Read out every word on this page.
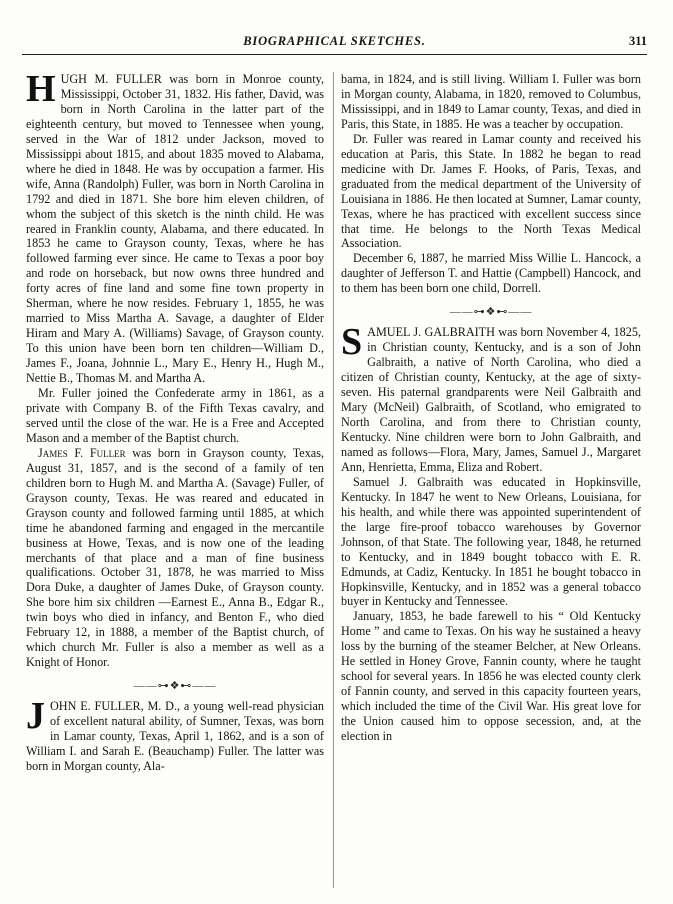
BIOGRAPHICAL SKETCHES.	311

HUGH M. FULLER was born in Monroe county, Mississippi, October 31, 1832. His father, David, was born in North Carolina in the latter part of the eighteenth century, but moved to Tennessee when young, served in the War of 1812 under Jackson, moved to Mississippi about 1815, and about 1835 moved to Alabama, where he died in 1848. He was by occupation a farmer. His wife, Anna (Randolph) Fuller, was born in North Carolina in 1792 and died in 1871. She bore him eleven children, of whom the subject of this sketch is the ninth child. He was reared in Franklin county, Alabama, and there educated. In 1853 he came to Grayson county, Texas, where he has followed farming ever since. He came to Texas a poor boy and rode on horseback, but now owns three hundred and forty acres of fine land and some fine town property in Sherman, where he now resides. February 1, 1855, he was married to Miss Martha A. Savage, a daughter of Elder Hiram and Mary A. (Williams) Savage, of Grayson county. To this union have been born ten children—William D., James F., Joana, Johnnie L., Mary E., Henry H., Hugh M., Nettie B., Thomas M. and Martha A.

Mr. Fuller joined the Confederate army in 1861, as a private with Company B. of the Fifth Texas cavalry, and served until the close of the war. He is a Free and Accepted Mason and a member of the Baptist church.

James F. Fuller was born in Grayson county, Texas, August 31, 1857, and is the second of a family of ten children born to Hugh M. and Martha A. (Savage) Fuller, of Grayson county, Texas. He was reared and educated in Grayson county and followed farming until 1885, at which time he abandoned farming and engaged in the mercantile business at Howe, Texas, and is now one of the leading merchants of that place and a man of fine business qualifications. October 31, 1878, he was married to Miss Dora Duke, a daughter of James Duke, of Grayson county. She bore him six children —Earnest E., Anna B., Edgar R., twin boys who died in infancy, and Benton F., who died February 12, in 1888, a member of the Baptist church, of which church Mr. Fuller is also a member as well as a Knight of Honor.

——⊶❖⊷——

JOHN E. FULLER, M. D., a young well-read physician of excellent natural ability, of Sumner, Texas, was born in Lamar county, Texas, April 1, 1862, and is a son of William I. and Sarah E. (Beauchamp) Fuller. The latter was born in Morgan county, Ala-

bama, in 1824, and is still living. William I. Fuller was born in Morgan county, Alabama, in 1820, removed to Columbus, Mississippi, and in 1849 to Lamar county, Texas, and died in Paris, this State, in 1885. He was a teacher by occupation.

Dr. Fuller was reared in Lamar county and received his education at Paris, this State. In 1882 he began to read medicine with Dr. James F. Hooks, of Paris, Texas, and graduated from the medical department of the University of Louisiana in 1886. He then located at Sumner, Lamar county, Texas, where he has practiced with excellent success since that time. He belongs to the North Texas Medical Association.

December 6, 1887, he married Miss Willie L. Hancock, a daughter of Jefferson T. and Hattie (Campbell) Hancock, and to them has been born one child, Dorrell.

——⊶❖⊷——

SAMUEL J. GALBRAITH was born November 4, 1825, in Christian county, Kentucky, and is a son of John Galbraith, a native of North Carolina, who died a citizen of Christian county, Kentucky, at the age of sixty-seven. His paternal grandparents were Neil Galbraith and Mary (McNeil) Galbraith, of Scotland, who emigrated to North Carolina, and from there to Christian county, Kentucky. Nine children were born to John Galbraith, and named as follows—Flora, Mary, James, Samuel J., Margaret Ann, Henrietta, Emma, Eliza and Robert.

Samuel J. Galbraith was educated in Hopkinsville, Kentucky. In 1847 he went to New Orleans, Louisiana, for his health, and while there was appointed superintendent of the large fire-proof tobacco warehouses by Governor Johnson, of that State. The following year, 1848, he returned to Kentucky, and in 1849 bought tobacco with E. R. Edmunds, at Cadiz, Kentucky. In 1851 he bought tobacco in Hopkinsville, Kentucky, and in 1852 was a general tobacco buyer in Kentucky and Tennessee.

January, 1853, he bade farewell to his “ Old Kentucky Home ” and came to Texas. On his way he sustained a heavy loss by the burning of the steamer Belcher, at New Orleans. He settled in Honey Grove, Fannin county, where he taught school for several years. In 1856 he was elected county clerk of Fannin county, and served in this capacity fourteen years, which included the time of the Civil War. His great love for the Union caused him to oppose secession, and, at the election in
